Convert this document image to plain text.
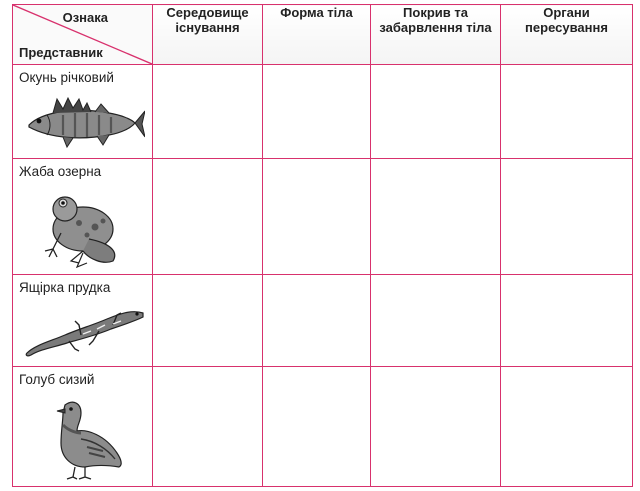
Ознака
Представник	Середовище існування	Форма тіла	Покрив та забарвлення тіла	Органи пересування

Окунь річковий				

Жаба озерна				

Ящірка прудка				

Голуб сизий				
